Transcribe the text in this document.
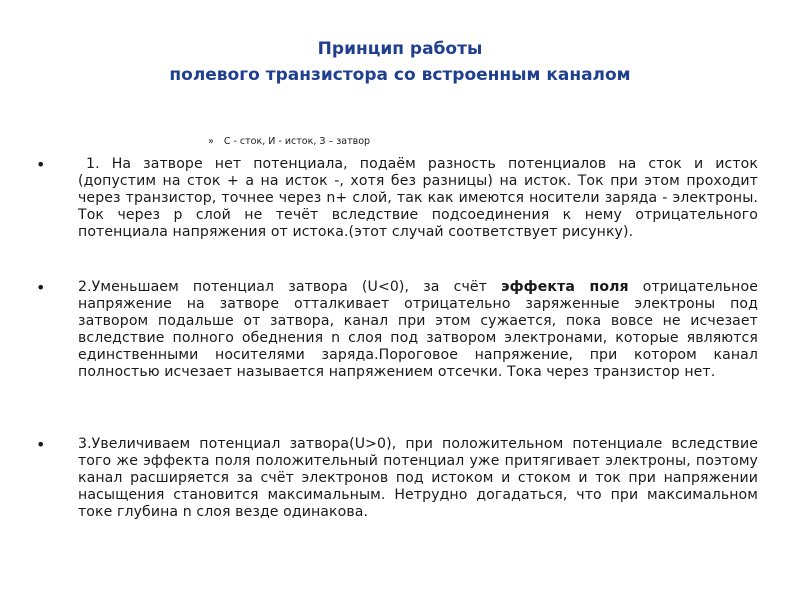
Принцип работы
полевого транзистора со встроенным каналом
» С - сток, И - исток, З – затвор
•	1. На затворе нет потенциала, подаём разность потенциалов на сток и исток (допустим на сток + а на исток -, хотя без разницы) на исток. Ток при этом проходит через транзистор, точнее через n+ слой, так как имеются носители заряда - электроны. Ток через p слой не течёт вследствие подсоединения к нему отрицательного потенциала напряжения от истока.(этот случай соответствует рисунку).
• 2.Уменьшаем потенциал затвора (U<0), за счёт эффекта поля отрицательное напряжение на затворе отталкивает отрицательно заряженные электроны под затвором подальше от затвора, канал при этом сужается, пока вовсе не исчезает вследствие полного обеднения n слоя под затвором электронами, которые являются единственными носителями заряда.Пороговое напряжение, при котором канал полностью исчезает называется напряжением отсечки. Тока через транзистор нет.
• 3.Увеличиваем потенциал затвора(U>0), при положительном потенциале вследствие того же эффекта поля положительный потенциал уже притягивает электроны, поэтому канал расширяется за счёт электронов под истоком и стоком и ток при напряжении насыщения становится максимальным. Нетрудно догадаться, что при максимальном токе глубина n слоя везде одинакова.
